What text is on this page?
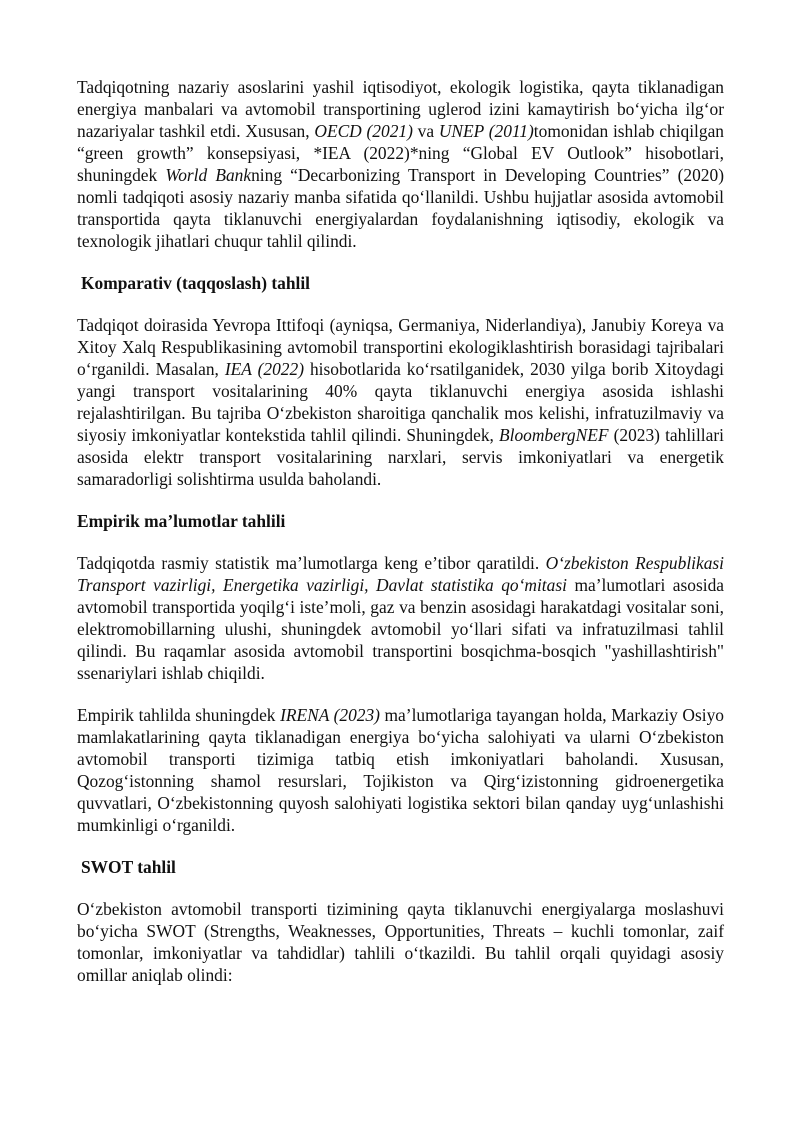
Tadqiqotning nazariy asoslarini yashil iqtisodiyot, ekologik logistika, qayta tiklanadigan energiya manbalari va avtomobil transportining uglerod izini kamaytirish bo‘yicha ilg‘or nazariyalar tashkil etdi. Xususan, OECD (2021) va UNEP (2011)tomonidan ishlab chiqilgan “green growth” konsepsiyasi, *IEA (2022)*ning “Global EV Outlook” hisobotlari, shuningdek World Bankning “Decarbonizing Transport in Developing Countries” (2020) nomli tadqiqoti asosiy nazariy manba sifatida qo‘llanildi. Ushbu hujjatlar asosida avtomobil transportida qayta tiklanuvchi energiyalardan foydalanishning iqtisodiy, ekologik va texnologik jihatlari chuqur tahlil qilindi.

Komparativ (taqqoslash) tahlil

Tadqiqot doirasida Yevropa Ittifoqi (ayniqsa, Germaniya, Niderlandiya), Janubiy Koreya va Xitoy Xalq Respublikasining avtomobil transportini ekologiklashtirish borasidagi tajribalari o‘rganildi. Masalan, IEA (2022) hisobotlarida ko‘rsatilganidek, 2030 yilga borib Xitoydagi yangi transport vositalarining 40% qayta tiklanuvchi energiya asosida ishlashi rejalashtirilgan. Bu tajriba O‘zbekiston sharoitiga qanchalik mos kelishi, infratuzilmaviy va siyosiy imkoniyatlar kontekstida tahlil qilindi. Shuningdek, BloombergNEF (2023) tahlillari asosida elektr transport vositalarining narxlari, servis imkoniyatlari va energetik samaradorligi solishtirma usulda baholandi.

Empirik ma’lumotlar tahlili

Tadqiqotda rasmiy statistik ma’lumotlarga keng e’tibor qaratildi. O‘zbekiston Respublikasi Transport vazirligi, Energetika vazirligi, Davlat statistika qo‘mitasi ma’lumotlari asosida avtomobil transportida yoqilg‘i iste’moli, gaz va benzin asosidagi harakatdagi vositalar soni, elektromobillarning ulushi, shuningdek avtomobil yo‘llari sifati va infratuzilmasi tahlil qilindi. Bu raqamlar asosida avtomobil transportini bosqichma-bosqich "yashillashtirish" ssenariylari ishlab chiqildi.

Empirik tahlilda shuningdek IRENA (2023) ma’lumotlariga tayangan holda, Markaziy Osiyo mamlakatlarining qayta tiklanadigan energiya bo‘yicha salohiyati va ularni O‘zbekiston avtomobil transporti tizimiga tatbiq etish imkoniyatlari baholandi. Xususan, Qozog‘istonning shamol resurslari, Tojikiston va Qirg‘izistonning gidroenergetika quvvatlari, O‘zbekistonning quyosh salohiyati logistika sektori bilan qanday uyg‘unlashishi mumkinligi o‘rganildi.

SWOT tahlil

O‘zbekiston avtomobil transporti tizimining qayta tiklanuvchi energiyalarga moslashuvi bo‘yicha SWOT (Strengths, Weaknesses, Opportunities, Threats – kuchli tomonlar, zaif tomonlar, imkoniyatlar va tahdidlar) tahlili o‘tkazildi. Bu tahlil orqali quyidagi asosiy omillar aniqlab olindi:
